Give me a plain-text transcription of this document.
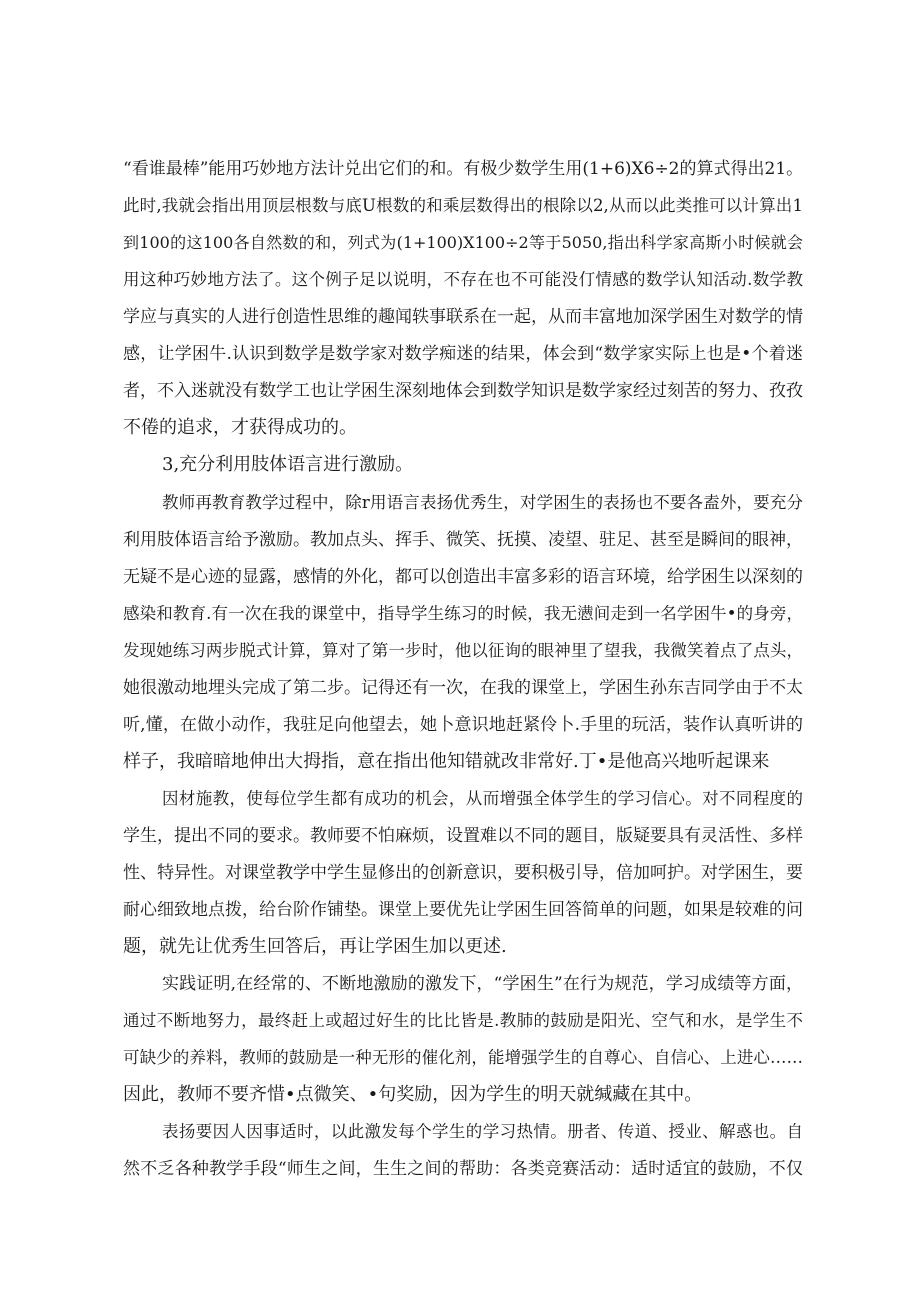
“看谁最棒”能用巧妙地方法计兑出它们的和。有极少数学生用(1+6)X6÷2的算式得出21。
此时,我就会指出用顶层根数与底U根数的和乘层数得出的根除以2,从而以此类推可以计算出1
到100的这100各自然数的和，列式为(1+100)X100÷2等于5050,指出科学家高斯小时候就会
用这种巧妙地方法了。这个例子足以说明，不存在也不可能没仃情感的数学认知活动.数学教
学应与真实的人进行创造性思维的趣闻轶事联系在一起，从而丰富地加深学困生对数学的情
感，让学困牛.认识到数学是数学家对数学痴迷的结果，体会到“数学家实际上也是•个着迷
者，不入迷就没有数学工也让学困生深刻地体会到数学知识是数学家经过刻苦的努力、孜孜
不倦的追求，才获得成功的。
3,充分利用肢体语言进行激励。
教师再教育教学过程中，除r用语言表扬优秀生，对学困生的表扬也不要各盍外，要充分
利用肢体语言给予激励。教加点头、挥手、微笑、抚摸、凌望、驻足、甚至是瞬间的眼神，
无疑不是心迹的显露，感情的外化，都可以创造出丰富多彩的语言环境，给学困生以深刻的
感染和教育.有一次在我的课堂中，指导学生练习的时候，我无懑间走到一名学困牛•的身旁，
发现她练习两步脱式计算，算对了第一步时，他以征询的眼神里了望我，我微笑着点了点头，
她很激动地埋头完成了第二步。记得还有一次，在我的课堂上，学困生孙东吉同学由于不太
听,懂，在做小动作，我驻足向他望去，她卜意识地赶紧伶卜.手里的玩活，装作认真听讲的
样子，我暗暗地伸出大拇指，意在指出他知错就改非常好.丁•是他高兴地听起课来
因材施教，使每位学生都有成功的机会，从而增强全体学生的学习信心。对不同程度的
学生，提出不同的要求。教师要不怕麻烦，设置难以不同的题目，版疑要具有灵活性、多样
性、特异性。对课堂教学中学生显修出的创新意识，要积极引导，倍加呵护。对学困生，要
耐心细致地点拨，给台阶作铺垫。课堂上要优先让学困生回答简单的问题，如果是较难的问
题，就先让优秀生回答后，再让学困生加以更述.
实践证明,在经常的、不断地激励的激发下，“学困生”在行为规范，学习成绩等方面，
通过不断地努力，最终赶上或超过好生的比比皆是.教肺的鼓励是阳光、空气和水，是学生不
可缺少的养料，教师的鼓励是一种无形的催化剂，能增强学生的自尊心、自信心、上进心……
因此，教师不要齐惜•点微笑、•句奖励，因为学生的明天就缄藏在其中。
表扬要因人因事适时，以此激发每个学生的学习热情。册者、传道、授业、解惑也。自
然不乏各种教学手段“师生之间，生生之间的帮助：各类竞赛活动：适时适宜的鼓励，不仅
